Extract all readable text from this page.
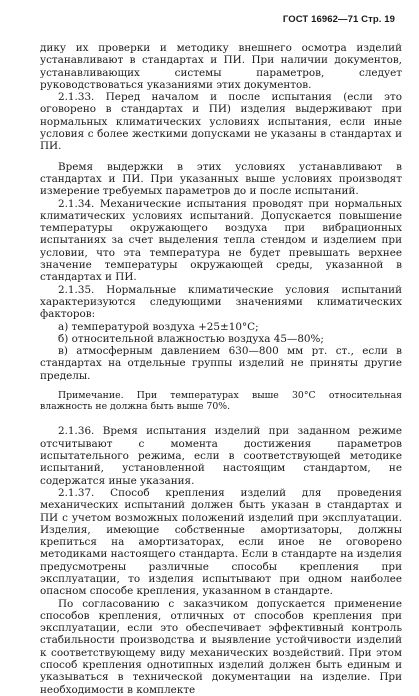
ГОСТ 16962—71 Стр. 19

дику их проверки и методику внешнего осмотра изделий устанавливают в стандартах и ПИ. При наличии документов, устанавливающих системы параметров, следует руководствоваться указаниями этих документов.

2.1.33. Перед началом и после испытания (если это оговорено в стандартах и ПИ) изделия выдерживают при нормальных климатических условиях испытания, если иные условия с более жесткими допусками не указаны в стандартах и ПИ.

Время выдержки в этих условиях устанавливают в стандартах и ПИ. При указанных выше условиях производят измерение требуемых параметров до и после испытаний.

2.1.34. Механические испытания проводят при нормальных климатических условиях испытаний. Допускается повышение температуры окружающего воздуха при вибрационных испытаниях за счет выделения тепла стендом и изделием при условии, что эта температура не будет превышать верхнее значение температуры окружающей среды, указанной в стандартах и ПИ.

2.1.35. Нормальные климатические условия испытаний характеризуются следующими значениями климатических факторов:

а) температурой воздуха +25±10°С;

б) относительной влажностью воздуха 45—80%;

в) атмосферным давлением 630—800 мм рт. ст., если в стандартах на отдельные группы изделий не приняты другие пределы.

Примечание. При температурах выше 30°С относительная влажность не должна быть выше 70%.

2.1.36. Время испытания изделий при заданном режиме отсчитывают с момента достижения параметров испытательного режима, если в соответствующей методике испытаний, установленной настоящим стандартом, не содержатся иные указания.

2.1.37. Способ крепления изделий для проведения механических испытаний должен быть указан в стандартах и ПИ с учетом возможных положений изделий при эксплуатации. Изделия, имеющие собственные амортизаторы, должны крепиться на амортизаторах, если иное не оговорено методиками настоящего стандарта. Если в стандарте на изделия предусмотрены различные способы крепления при эксплуатации, то изделия испытывают при одном наиболее опасном способе крепления, указанном в стандарте.

По согласованию с заказчиком допускается применение способов крепления, отличных от способов крепления при эксплуатации, если это обеспечивает эффективный контроль стабильности производства и выявление устойчивости изделий к соответствующему виду механических воздействий. При этом способ крепления однотипных изделий должен быть единым и указываться в технической документации на изделие. При необходимости в комплекте
